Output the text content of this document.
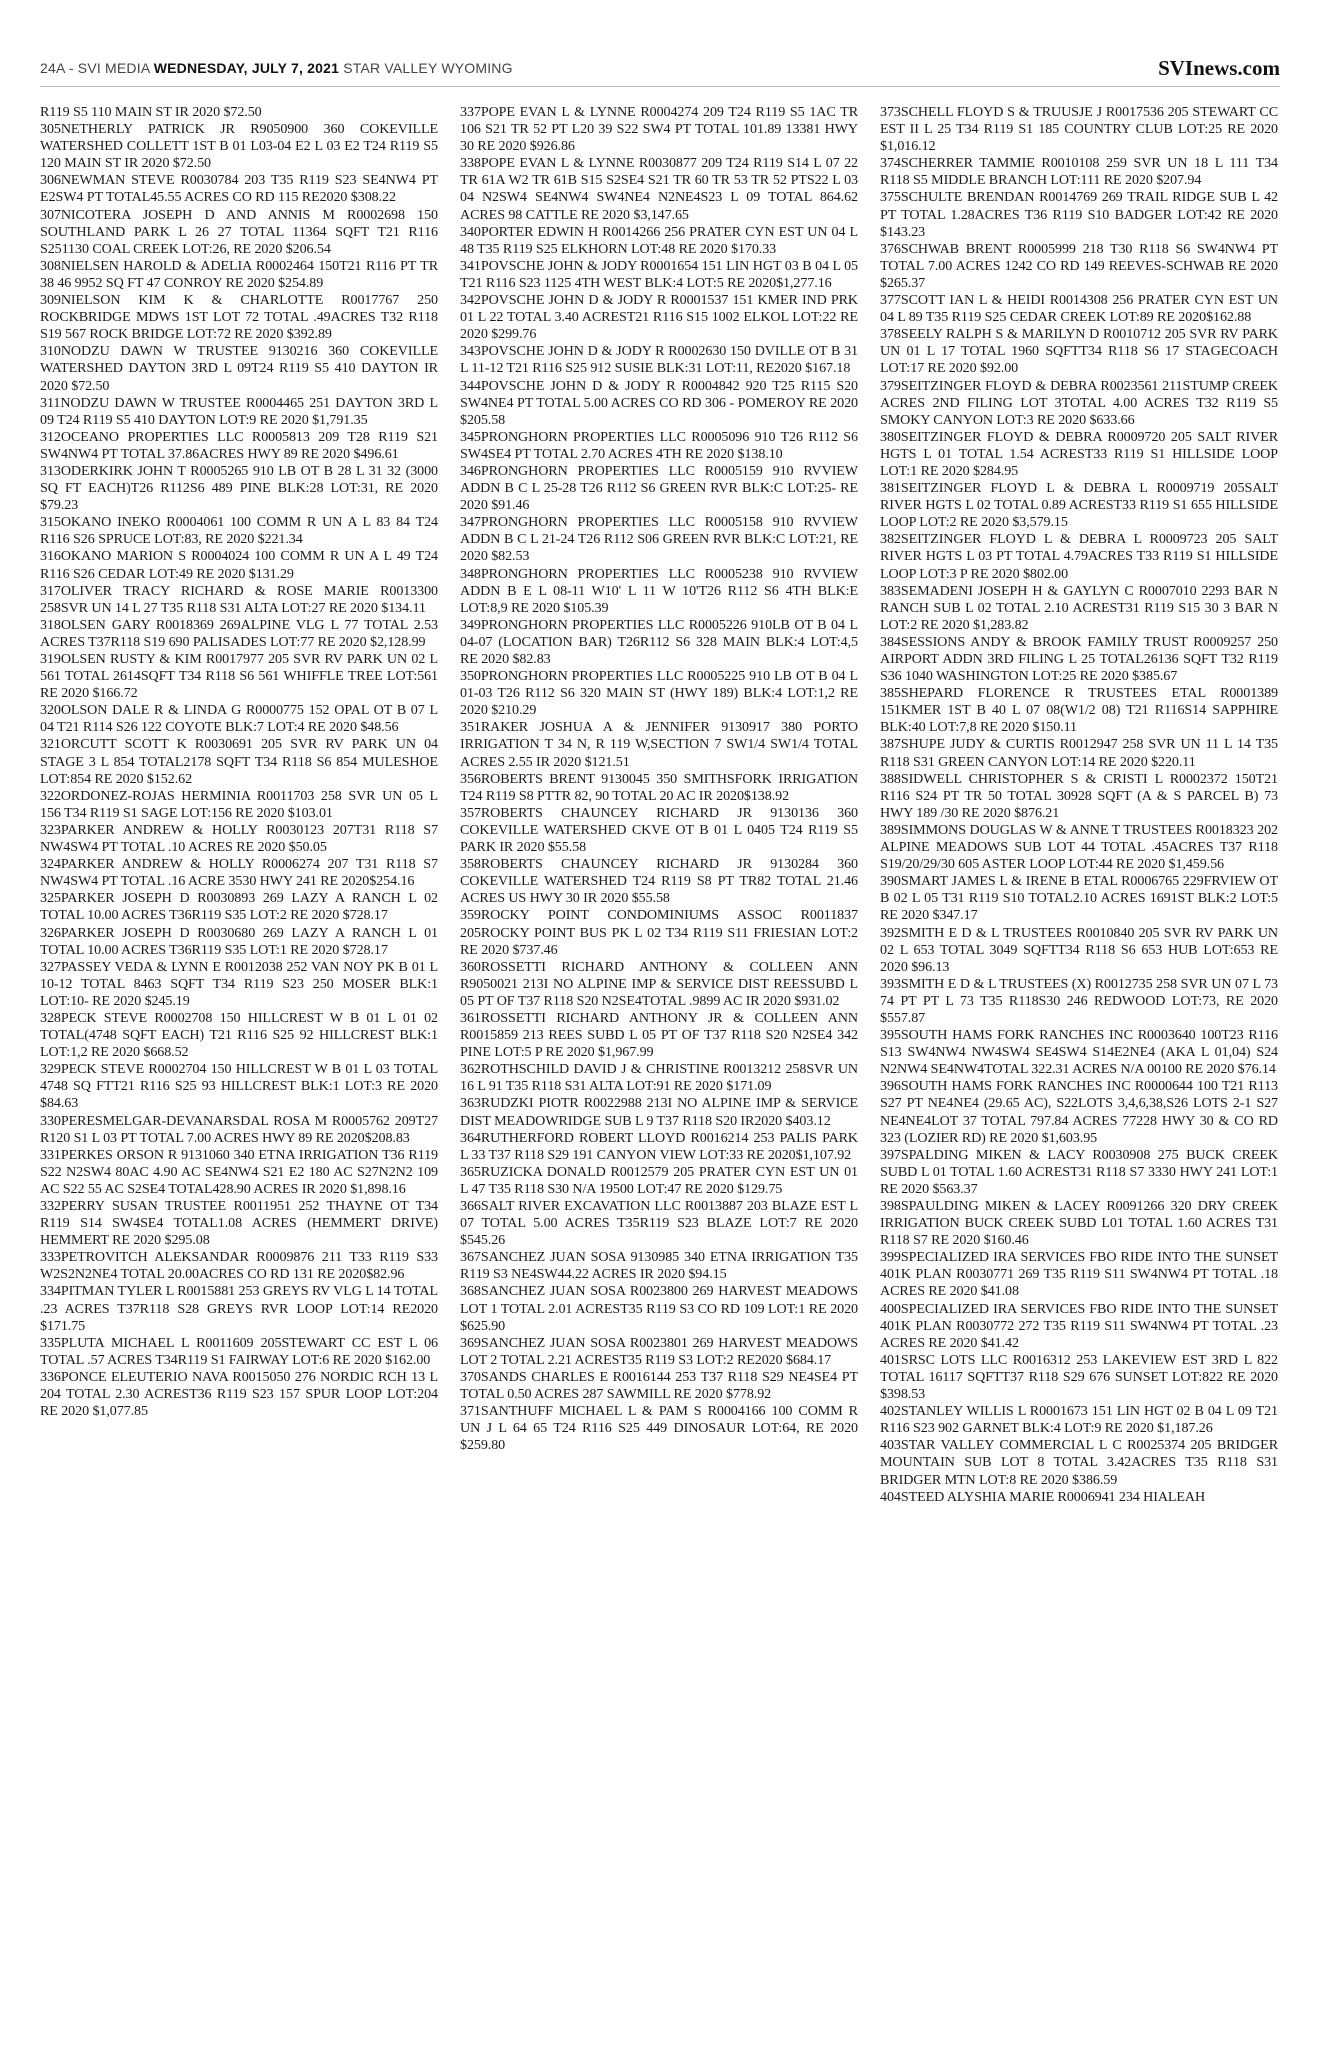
24A - SVI MEDIA WEDNESDAY, JULY 7, 2021 STAR VALLEY WYOMING	SVInews.com

R119 S5 110 MAIN ST IR 2020 $72.50

305NETHERLY PATRICK JR R9050900 360 COKEVILLE WATERSHED COLLETT 1ST B 01 L03-04 E2 L 03 E2 T24 R119 S5 120 MAIN ST IR 2020 $72.50

306NEWMAN STEVE R0030784 203 T35 R119 S23 SE4NW4 PT E2SW4 PT TOTAL45.55 ACRES CO RD 115 RE2020 $308.22

307NICOTERA JOSEPH D AND ANNIS M R0002698 150 SOUTHLAND PARK L 26 27 TOTAL 11364 SQFT T21 R116 S251130 COAL CREEK LOT:26, RE 2020 $206.54

308NIELSEN HAROLD & ADELIA R0002464 150T21 R116 PT TR 38 46 9952 SQ FT 47 CONROY RE 2020 $254.89

309NIELSON KIM K & CHARLOTTE R0017767 250 ROCKBRIDGE MDWS 1ST LOT 72 TOTAL .49ACRES T32 R118 S19 567 ROCK BRIDGE LOT:72 RE 2020 $392.89

310NODZU DAWN W TRUSTEE 9130216 360 COKEVILLE WATERSHED DAYTON 3RD L 09T24 R119 S5 410 DAYTON IR 2020 $72.50

311NODZU DAWN W TRUSTEE R0004465 251 DAYTON 3RD L 09 T24 R119 S5 410 DAYTON LOT:9 RE 2020 $1,791.35

312OCEANO PROPERTIES LLC R0005813 209 T28 R119 S21 SW4NW4 PT TOTAL 37.86ACRES HWY 89 RE 2020 $496.61

313ODERKIRK JOHN T R0005265 910 LB OT B 28 L 31 32 (3000 SQ FT EACH)T26 R112S6 489 PINE BLK:28 LOT:31, RE 2020 $79.23

315OKANO INEKO R0004061 100 COMM R UN A L 83 84 T24 R116 S26 SPRUCE LOT:83, RE 2020 $221.34

316OKANO MARION S R0004024 100 COMM R UN A L 49 T24 R116 S26 CEDAR LOT:49 RE 2020 $131.29

317OLIVER TRACY RICHARD & ROSE MARIE R0013300 258SVR UN 14 L 27 T35 R118 S31 ALTA LOT:27 RE 2020 $134.11

318OLSEN GARY R0018369 269ALPINE VLG L 77 TOTAL 2.53 ACRES T37R118 S19 690 PALISADES LOT:77 RE 2020 $2,128.99

319OLSEN RUSTY & KIM R0017977 205 SVR RV PARK UN 02 L 561 TOTAL 2614SQFT T34 R118 S6 561 WHIFFLE TREE LOT:561 RE 2020 $166.72

320OLSON DALE R & LINDA G R0000775 152 OPAL OT B 07 L 04 T21 R114 S26 122 COYOTE BLK:7 LOT:4 RE 2020 $48.56

321ORCUTT SCOTT K R0030691 205 SVR RV PARK UN 04 STAGE 3 L 854 TOTAL2178 SQFT T34 R118 S6 854 MULESHOE LOT:854 RE 2020 $152.62

322ORDONEZ-ROJAS HERMINIA R0011703 258 SVR UN 05 L 156 T34 R119 S1 SAGE LOT:156 RE 2020 $103.01

323PARKER ANDREW & HOLLY R0030123 207T31 R118 S7 NW4SW4 PT TOTAL .10 ACRES RE 2020 $50.05

324PARKER ANDREW & HOLLY R0006274 207 T31 R118 S7 NW4SW4 PT TOTAL .16 ACRE 3530 HWY 241 RE 2020$254.16

325PARKER JOSEPH D R0030893 269 LAZY A RANCH L 02 TOTAL 10.00 ACRES T36R119 S35 LOT:2 RE 2020 $728.17

326PARKER JOSEPH D R0030680 269 LAZY A RANCH L 01 TOTAL 10.00 ACRES T36R119 S35 LOT:1 RE 2020 $728.17

327PASSEY VEDA & LYNN E R0012038 252 VAN NOY PK B 01 L 10-12 TOTAL 8463 SQFT T34 R119 S23 250 MOSER BLK:1 LOT:10- RE 2020 $245.19

328PECK STEVE R0002708 150 HILLCREST W B 01 L 01 02 TOTAL(4748 SQFT EACH) T21 R116 S25 92 HILLCREST BLK:1 LOT:1,2 RE 2020 $668.52

329PECK STEVE R0002704 150 HILLCREST W B 01 L 03 TOTAL 4748 SQ FTT21 R116 S25 93 HILLCREST BLK:1 LOT:3 RE 2020 $84.63

330PERESMELGAR-DEVANARSDAL ROSA M R0005762 209T27 R120 S1 L 03 PT TOTAL 7.00 ACRES HWY 89 RE 2020$208.83

331PERKES ORSON R 9131060 340 ETNA IRRIGATION T36 R119 S22 N2SW4 80AC 4.90 AC SE4NW4 S21 E2 180 AC S27N2N2 109 AC S22 55 AC S2SE4 TOTAL428.90 ACRES IR 2020 $1,898.16

332PERRY SUSAN TRUSTEE R0011951 252 THAYNE OT T34 R119 S14 SW4SE4 TOTAL1.08 ACRES (HEMMERT DRIVE) HEMMERT RE 2020 $295.08

333PETROVITCH ALEKSANDAR R0009876 211 T33 R119 S33 W2S2N2NE4 TOTAL 20.00ACRES CO RD 131 RE 2020$82.96

334PITMAN TYLER L R0015881 253 GREYS RV VLG L 14 TOTAL .23 ACRES T37R118 S28 GREYS RVR LOOP LOT:14 RE2020 $171.75

335PLUTA MICHAEL L R0011609 205STEWART CC EST L 06 TOTAL .57 ACRES T34R119 S1 FAIRWAY LOT:6 RE 2020 $162.00

336PONCE ELEUTERIO NAVA R0015050 276 NORDIC RCH 13 L 204 TOTAL 2.30 ACREST36 R119 S23 157 SPUR LOOP LOT:204 RE 2020 $1,077.85

337POPE EVAN L & LYNNE R0004274 209 T24 R119 S5 1AC TR 106 S21 TR 52 PT L20 39 S22 SW4 PT TOTAL 101.89 13381 HWY 30 RE 2020 $926.86

338POPE EVAN L & LYNNE R0030877 209 T24 R119 S14 L 07 22 TR 61A W2 TR 61B S15 S2SE4 S21 TR 60 TR 53 TR 52 PTS22 L 03 04 N2SW4 SE4NW4 SW4NE4 N2NE4S23 L 09 TOTAL 864.62 ACRES 98 CATTLE RE 2020 $3,147.65

340PORTER EDWIN H R0014266 256 PRATER CYN EST UN 04 L 48 T35 R119 S25 ELKHORN LOT:48 RE 2020 $170.33

341POVSCHE JOHN & JODY R0001654 151 LIN HGT 03 B 04 L 05 T21 R116 S23 1125 4TH WEST BLK:4 LOT:5 RE 2020$1,277.16

342POVSCHE JOHN D & JODY R R0001537 151 KMER IND PRK 01 L 22 TOTAL 3.40 ACREST21 R116 S15 1002 ELKOL LOT:22 RE 2020 $299.76

343POVSCHE JOHN D & JODY R R0002630 150 DVILLE OT B 31 L 11-12 T21 R116 S25 912 SUSIE BLK:31 LOT:11, RE2020 $167.18

344POVSCHE JOHN D & JODY R R0004842 920 T25 R115 S20 SW4NE4 PT TOTAL 5.00 ACRES CO RD 306 - POMEROY RE 2020 $205.58

345PRONGHORN PROPERTIES LLC R0005096 910 T26 R112 S6 SW4SE4 PT TOTAL 2.70 ACRES 4TH RE 2020 $138.10

346PRONGHORN PROPERTIES LLC R0005159 910 RVVIEW ADDN B C L 25-28 T26 R112 S6 GREEN RVR BLK:C LOT:25- RE 2020 $91.46

347PRONGHORN PROPERTIES LLC R0005158 910 RVVIEW ADDN B C L 21-24 T26 R112 S06 GREEN RVR BLK:C LOT:21, RE 2020 $82.53

348PRONGHORN PROPERTIES LLC R0005238 910 RVVIEW ADDN B E L 08-11 W10' L 11 W 10'T26 R112 S6 4TH BLK:E LOT:8,9 RE 2020 $105.39

349PRONGHORN PROPERTIES LLC R0005226 910LB OT B 04 L 04-07 (LOCATION BAR) T26R112 S6 328 MAIN BLK:4 LOT:4,5 RE 2020 $82.83

350PRONGHORN PROPERTIES LLC R0005225 910 LB OT B 04 L 01-03 T26 R112 S6 320 MAIN ST (HWY 189) BLK:4 LOT:1,2 RE 2020 $210.29

351RAKER JOSHUA A & JENNIFER 9130917 380 PORTO IRRIGATION T 34 N, R 119 W,SECTION 7 SW1/4 SW1/4 TOTAL ACRES 2.55 IR 2020 $121.51

356ROBERTS BRENT 9130045 350 SMITHSFORK IRRIGATION T24 R119 S8 PTTR 82, 90 TOTAL 20 AC IR 2020$138.92

357ROBERTS CHAUNCEY RICHARD JR 9130136 360 COKEVILLE WATERSHED CKVE OT B 01 L 0405 T24 R119 S5 PARK IR 2020 $55.58

358ROBERTS CHAUNCEY RICHARD JR 9130284 360 COKEVILLE WATERSHED T24 R119 S8 PT TR82 TOTAL 21.46 ACRES US HWY 30 IR 2020 $55.58

359ROCKY POINT CONDOMINIUMS ASSOC R0011837 205ROCKY POINT BUS PK L 02 T34 R119 S11 FRIESIAN LOT:2 RE 2020 $737.46

360ROSSETTI RICHARD ANTHONY & COLLEEN ANN R9050021 213I NO ALPINE IMP & SERVICE DIST REESSUBD L 05 PT OF T37 R118 S20 N2SE4TOTAL .9899 AC IR 2020 $931.02

361ROSSETTI RICHARD ANTHONY JR & COLLEEN ANN R0015859 213 REES SUBD L 05 PT OF T37 R118 S20 N2SE4 342 PINE LOT:5 P RE 2020 $1,967.99

362ROTHSCHILD DAVID J & CHRISTINE R0013212 258SVR UN 16 L 91 T35 R118 S31 ALTA LOT:91 RE 2020 $171.09

363RUDZKI PIOTR R0022988 213I NO ALPINE IMP & SERVICE DIST MEADOWRIDGE SUB L 9 T37 R118 S20 IR2020 $403.12

364RUTHERFORD ROBERT LLOYD R0016214 253 PALIS PARK L 33 T37 R118 S29 191 CANYON VIEW LOT:33 RE 2020$1,107.92

365RUZICKA DONALD R0012579 205 PRATER CYN EST UN 01 L 47 T35 R118 S30 N/A 19500 LOT:47 RE 2020 $129.75

366SALT RIVER EXCAVATION LLC R0013887 203 BLAZE EST L 07 TOTAL 5.00 ACRES T35R119 S23 BLAZE LOT:7 RE 2020 $545.26

367SANCHEZ JUAN SOSA 9130985 340 ETNA IRRIGATION T35 R119 S3 NE4SW44.22 ACRES IR 2020 $94.15

368SANCHEZ JUAN SOSA R0023800 269 HARVEST MEADOWS LOT 1 TOTAL 2.01 ACREST35 R119 S3 CO RD 109 LOT:1 RE 2020 $625.90

369SANCHEZ JUAN SOSA R0023801 269 HARVEST MEADOWS LOT 2 TOTAL 2.21 ACREST35 R119 S3 LOT:2 RE2020 $684.17

370SANDS CHARLES E R0016144 253 T37 R118 S29 NE4SE4 PT TOTAL 0.50 ACRES 287 SAWMILL RE 2020 $778.92

371SANTHUFF MICHAEL L & PAM S R0004166 100 COMM R UN J L 64 65 T24 R116 S25 449 DINOSAUR LOT:64, RE 2020 $259.80

373SCHELL FLOYD S & TRUUSJE J R0017536 205 STEWART CC EST II L 25 T34 R119 S1 185 COUNTRY CLUB LOT:25 RE 2020 $1,016.12

374SCHERRER TAMMIE R0010108 259 SVR UN 18 L 111 T34 R118 S5 MIDDLE BRANCH LOT:111 RE 2020 $207.94

375SCHULTE BRENDAN R0014769 269 TRAIL RIDGE SUB L 42 PT TOTAL 1.28ACRES T36 R119 S10 BADGER LOT:42 RE 2020 $143.23

376SCHWAB BRENT R0005999 218 T30 R118 S6 SW4NW4 PT TOTAL 7.00 ACRES 1242 CO RD 149 REEVES-SCHWAB RE 2020 $265.37

377SCOTT IAN L & HEIDI R0014308 256 PRATER CYN EST UN 04 L 89 T35 R119 S25 CEDAR CREEK LOT:89 RE 2020$162.88

378SEELY RALPH S & MARILYN D R0010712 205 SVR RV PARK UN 01 L 17 TOTAL 1960 SQFTT34 R118 S6 17 STAGECOACH LOT:17 RE 2020 $92.00

379SEITZINGER FLOYD & DEBRA R0023561 211STUMP CREEK ACRES 2ND FILING LOT 3TOTAL 4.00 ACRES T32 R119 S5 SMOKY CANYON LOT:3 RE 2020 $633.66

380SEITZINGER FLOYD & DEBRA R0009720 205 SALT RIVER HGTS L 01 TOTAL 1.54 ACREST33 R119 S1 HILLSIDE LOOP LOT:1 RE 2020 $284.95

381SEITZINGER FLOYD L & DEBRA L R0009719 205SALT RIVER HGTS L 02 TOTAL 0.89 ACREST33 R119 S1 655 HILLSIDE LOOP LOT:2 RE 2020 $3,579.15

382SEITZINGER FLOYD L & DEBRA L R0009723 205 SALT RIVER HGTS L 03 PT TOTAL 4.79ACRES T33 R119 S1 HILLSIDE LOOP LOT:3 P RE 2020 $802.00

383SEMADENI JOSEPH H & GAYLYN C R0007010 2293 BAR N RANCH SUB L 02 TOTAL 2.10 ACREST31 R119 S15 30 3 BAR N LOT:2 RE 2020 $1,283.82

384SESSIONS ANDY & BROOK FAMILY TRUST R0009257 250 AIRPORT ADDN 3RD FILING L 25 TOTAL26136 SQFT T32 R119 S36 1040 WASHINGTON LOT:25 RE 2020 $385.67

385SHEPARD FLORENCE R TRUSTEES ETAL R0001389 151KMER 1ST B 40 L 07 08(W1/2 08) T21 R116S14 SAPPHIRE BLK:40 LOT:7,8 RE 2020 $150.11

387SHUPE JUDY & CURTIS R0012947 258 SVR UN 11 L 14 T35 R118 S31 GREEN CANYON LOT:14 RE 2020 $220.11

388SIDWELL CHRISTOPHER S & CRISTI L R0002372 150T21 R116 S24 PT TR 50 TOTAL 30928 SQFT (A & S PARCEL B) 73 HWY 189 /30 RE 2020 $876.21

389SIMMONS DOUGLAS W & ANNE T TRUSTEES R0018323 202 ALPINE MEADOWS SUB LOT 44 TOTAL .45ACRES T37 R118 S19/20/29/30 605 ASTER LOOP LOT:44 RE 2020 $1,459.56

390SMART JAMES L & IRENE B ETAL R0006765 229FRVIEW OT B 02 L 05 T31 R119 S10 TOTAL2.10 ACRES 1691ST BLK:2 LOT:5 RE 2020 $347.17

392SMITH E D & L TRUSTEES R0010840 205 SVR RV PARK UN 02 L 653 TOTAL 3049 SQFTT34 R118 S6 653 HUB LOT:653 RE 2020 $96.13

393SMITH E D & L TRUSTEES (X) R0012735 258 SVR UN 07 L 73 74 PT PT L 73 T35 R118S30 246 REDWOOD LOT:73, RE 2020 $557.87

395SOUTH HAMS FORK RANCHES INC R0003640 100T23 R116 S13 SW4NW4 NW4SW4 SE4SW4 S14E2NE4 (AKA L 01,04) S24 N2NW4 SE4NW4TOTAL 322.31 ACRES N/A 00100 RE 2020 $76.14

396SOUTH HAMS FORK RANCHES INC R0000644 100 T21 R113 S27 PT NE4NE4 (29.65 AC), S22LOTS 3,4,6,38,S26 LOTS 2-1 S27 NE4NE4LOT 37 TOTAL 797.84 ACRES 77228 HWY 30 & CO RD 323 (LOZIER RD) RE 2020 $1,603.95

397SPALDING MIKEN & LACY R0030908 275 BUCK CREEK SUBD L 01 TOTAL 1.60 ACREST31 R118 S7 3330 HWY 241 LOT:1 RE 2020 $563.37

398SPAULDING MIKEN & LACEY R0091266 320 DRY CREEK IRRIGATION BUCK CREEK SUBD L01 TOTAL 1.60 ACRES T31 R118 S7 RE 2020 $160.46

399SPECIALIZED IRA SERVICES FBO RIDE INTO THE SUNSET 401K PLAN R0030771 269 T35 R119 S11 SW4NW4 PT TOTAL .18 ACRES RE 2020 $41.08

400SPECIALIZED IRA SERVICES FBO RIDE INTO THE SUNSET 401K PLAN R0030772 272 T35 R119 S11 SW4NW4 PT TOTAL .23 ACRES RE 2020 $41.42

401SRSC LOTS LLC R0016312 253 LAKEVIEW EST 3RD L 822 TOTAL 16117 SQFTT37 R118 S29 676 SUNSET LOT:822 RE 2020 $398.53

402STANLEY WILLIS L R0001673 151 LIN HGT 02 B 04 L 09 T21 R116 S23 902 GARNET BLK:4 LOT:9 RE 2020 $1,187.26

403STAR VALLEY COMMERCIAL L C R0025374 205 BRIDGER MOUNTAIN SUB LOT 8 TOTAL 3.42ACRES T35 R118 S31 BRIDGER MTN LOT:8 RE 2020 $386.59

404STEED ALYSHIA MARIE R0006941 234 HIALEAH
